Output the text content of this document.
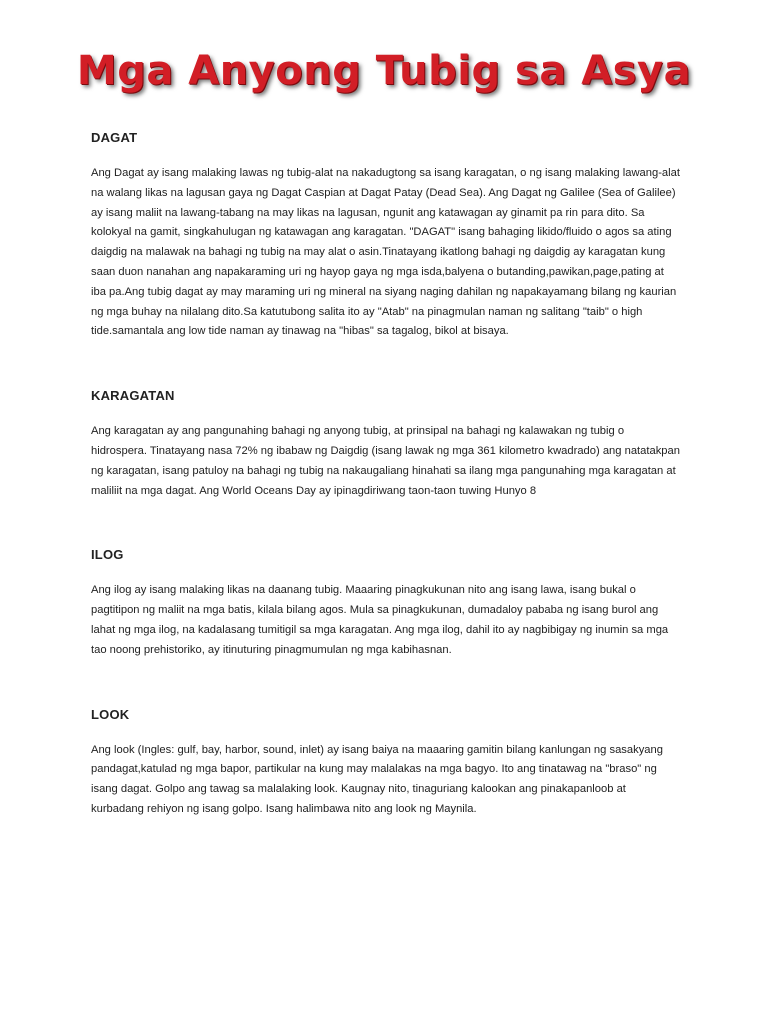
Mga Anyong Tubig sa Asya
DAGAT

Ang Dagat ay isang malaking lawas ng tubig-alat na nakadugtong sa isang karagatan, o ng isang malaking lawang-alat na walang likas na lagusan gaya ng Dagat Caspian at Dagat Patay (Dead Sea). Ang Dagat ng Galilee (Sea of Galilee) ay isang maliit na lawang-tabang na may likas na lagusan, ngunit ang katawagan ay ginamit pa rin para dito. Sa kolokyal na gamit, singkahulugan ng katawagan ang karagatan. "DAGAT" isang bahaging likido/fluido o agos sa ating daigdig na malawak na bahagi ng tubig na may alat o asin.Tinatayang ikatlong bahagi ng daigdig ay karagatan kung saan duon nanahan ang napakaraming uri ng hayop gaya ng mga isda,balyena o butanding,pawikan,page,pating at iba pa.Ang tubig dagat ay may maraming uri ng mineral na siyang naging dahilan ng napakayamang bilang ng kaurian ng mga buhay na nilalang dito.Sa katutubong salita ito ay "Atab" na pinagmulan naman ng salitang "taib" o high tide.samantala ang low tide naman ay tinawag na "hibas" sa tagalog, bikol at bisaya.

KARAGATAN

Ang karagatan ay ang pangunahing bahagi ng anyong tubig, at prinsipal na bahagi ng kalawakan ng tubig o hidrospera. Tinatayang nasa 72% ng ibabaw ng Daigdig (isang lawak ng mga 361 kilometro kwadrado) ang natatakpan ng karagatan, isang patuloy na bahagi ng tubig na nakaugaliang hinahati sa ilang mga pangunahing mga karagatan at maliliit na mga dagat. Ang World Oceans Day ay ipinagdiriwang taon-taon tuwing Hunyo 8

ILOG

Ang ilog ay isang malaking likas na daanang tubig. Maaaring pinagkukunan nito ang isang lawa, isang bukal o pagtitipon ng maliit na mga batis, kilala bilang agos. Mula sa pinagkukunan, dumadaloy pababa ng isang burol ang lahat ng mga ilog, na kadalasang tumitigil sa mga karagatan. Ang mga ilog, dahil ito ay nagbibigay ng inumin sa mga tao noong prehistoriko, ay itinuturing pinagmumulan ng mga kabihasnan.

LOOK

Ang look (Ingles: gulf, bay, harbor, sound, inlet) ay isang baiya na maaaring gamitin bilang kanlungan ng sasakyang pandagat,katulad ng mga bapor, partikular na kung may malalakas na mga bagyo. Ito ang tinatawag na "braso" ng isang dagat. Golpo ang tawag sa malalaking look. Kaugnay nito, tinaguriang kalookan ang pinakapanloob at kurbadang rehiyon ng isang golpo. Isang halimbawa nito ang look ng Maynila.
